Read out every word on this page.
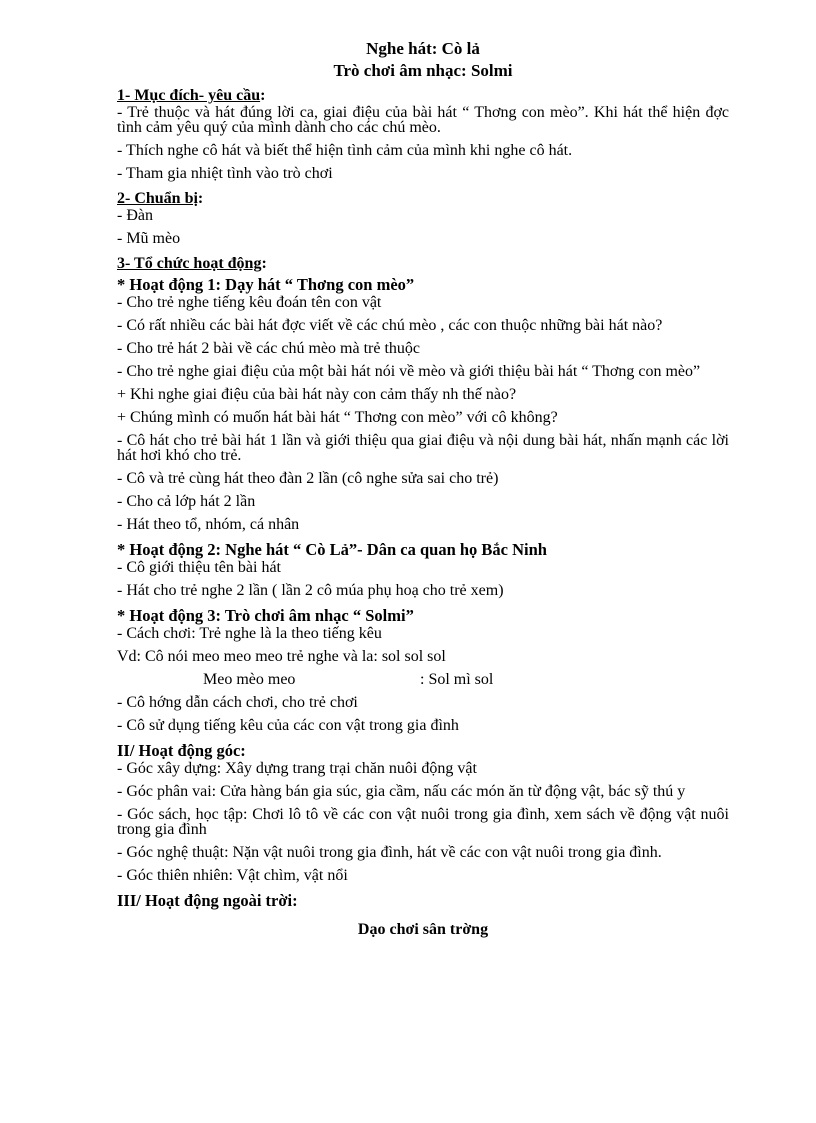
Nghe hát: Cò lả
Trò chơi âm nhạc: Solmi
1- Mục đích- yêu cầu:
- Trẻ thuộc và hát đúng lời ca, giai điệu của bài hát “ Thơng con mèo”. Khi hát thể hiện đợc tình cảm yêu quý của mình dành cho các chú mèo.
- Thích nghe cô hát và biết thể hiện tình cảm của mình khi nghe cô hát.
- Tham gia nhiệt tình vào trò chơi
2- Chuẩn bị:
- Đàn
- Mũ mèo
3- Tổ chức hoạt động:
* Hoạt động 1: Dạy hát “ Thơng con mèo”
- Cho trẻ nghe tiếng kêu đoán tên con vật
- Có rất nhiều các bài hát đợc viết về các chú mèo , các con thuộc những bài hát nào?
- Cho trẻ hát 2 bài về các chú mèo mà trẻ thuộc
- Cho trẻ nghe giai điệu của một bài hát nói về mèo và giới thiệu bài hát “ Thơng con mèo”
+ Khi nghe giai điệu của bài hát này con cảm thấy nh thế nào?
+ Chúng mình có muốn hát bài hát “ Thơng con mèo” với cô không?
- Cô hát cho trẻ bài hát 1 lần và giới thiệu qua giai điệu và nội dung bài hát, nhấn mạnh các lời hát hơi khó cho trẻ.
- Cô và trẻ cùng hát theo đàn 2 lần (cô nghe sửa sai cho trẻ)
- Cho cả lớp hát 2 lần
- Hát theo tổ, nhóm, cá nhân
* Hoạt động 2: Nghe hát “ Cò Lả”- Dân ca quan họ Bắc Ninh
- Cô giới thiệu tên bài hát
- Hát cho trẻ nghe 2 lần ( lần 2 cô múa phụ hoạ cho trẻ xem)
* Hoạt động 3: Trò chơi âm nhạc “ Solmi”
- Cách chơi: Trẻ nghe là la theo tiếng kêu
Vd: Cô nói meo meo meo trẻ nghe và la: sol sol sol
Meo mèo meo	: Sol mì sol
- Cô hớng dẫn cách chơi, cho trẻ chơi
- Cô sử dụng tiếng kêu của các con vật trong gia đình
II/ Hoạt động góc:
- Góc xây dựng: Xây dựng trang trại chăn nuôi động vật
- Góc phân vai: Cửa hàng bán gia súc, gia cầm, nấu các món ăn từ động vật, bác sỹ thú y
- Góc sách, học tập: Chơi lô tô về các con vật nuôi trong gia đình, xem sách về động vật nuôi trong gia đình
- Góc nghệ thuật: Nặn vật nuôi trong gia đình, hát về các con vật nuôi trong gia đình.
- Góc thiên nhiên: Vật chìm, vật nổi
III/ Hoạt động ngoài trời:
Dạo chơi sân trờng
